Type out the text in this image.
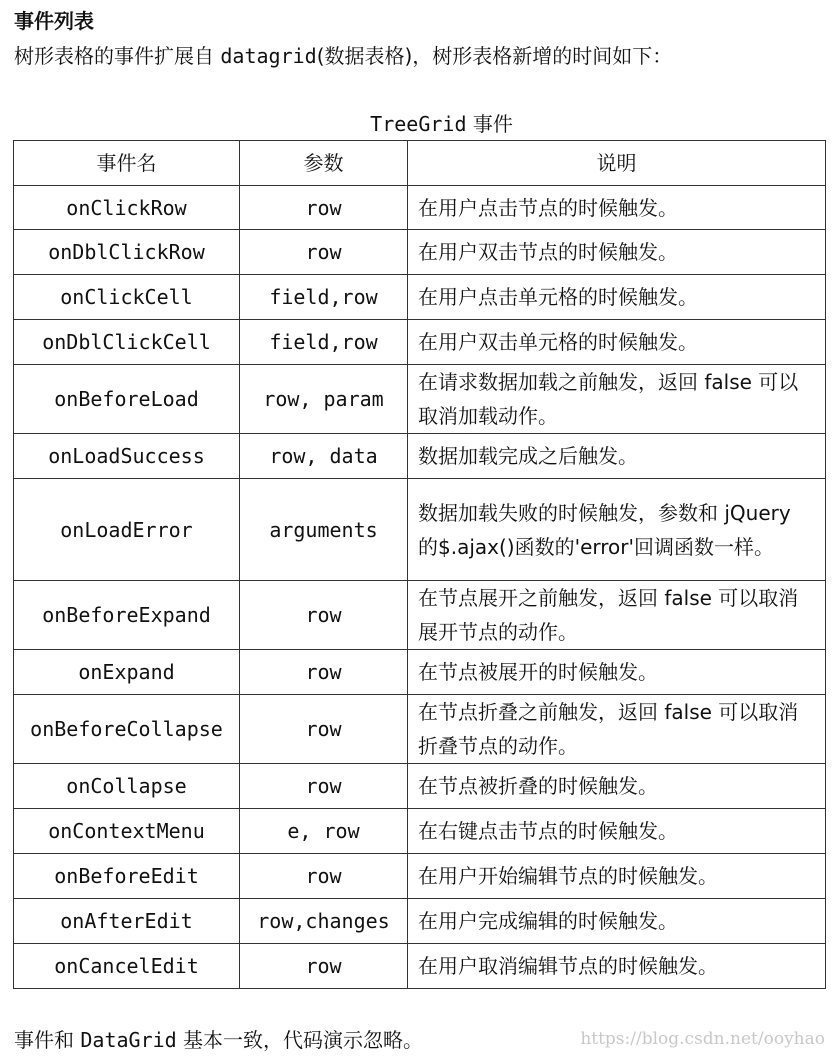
事件列表
树形表格的事件扩展自 datagrid(数据表格)，树形表格新增的时间如下：
TreeGrid 事件
事件名	参数	说明
onClickRow	row	在用户点击节点的时候触发。
onDblClickRow	row	在用户双击节点的时候触发。
onClickCell	field,row	在用户点击单元格的时候触发。
onDblClickCell	field,row	在用户双击单元格的时候触发。
onBeforeLoad	row, param	在请求数据加载之前触发，返回 false 可以取消加载动作。
onLoadSuccess	row, data	数据加载完成之后触发。
onLoadError	arguments	数据加载失败的时候触发，参数和 jQuery 的$.ajax()函数的'error'回调函数一样。
onBeforeExpand	row	在节点展开之前触发，返回 false 可以取消展开节点的动作。
onExpand	row	在节点被展开的时候触发。
onBeforeCollapse	row	在节点折叠之前触发，返回 false 可以取消折叠节点的动作。
onCollapse	row	在节点被折叠的时候触发。
onContextMenu	e, row	在右键点击节点的时候触发。
onBeforeEdit	row	在用户开始编辑节点的时候触发。
onAfterEdit	row,changes	在用户完成编辑的时候触发。
onCancelEdit	row	在用户取消编辑节点的时候触发。
事件和 DataGrid 基本一致，代码演示忽略。	https://blog.csdn.net/ooyhao
